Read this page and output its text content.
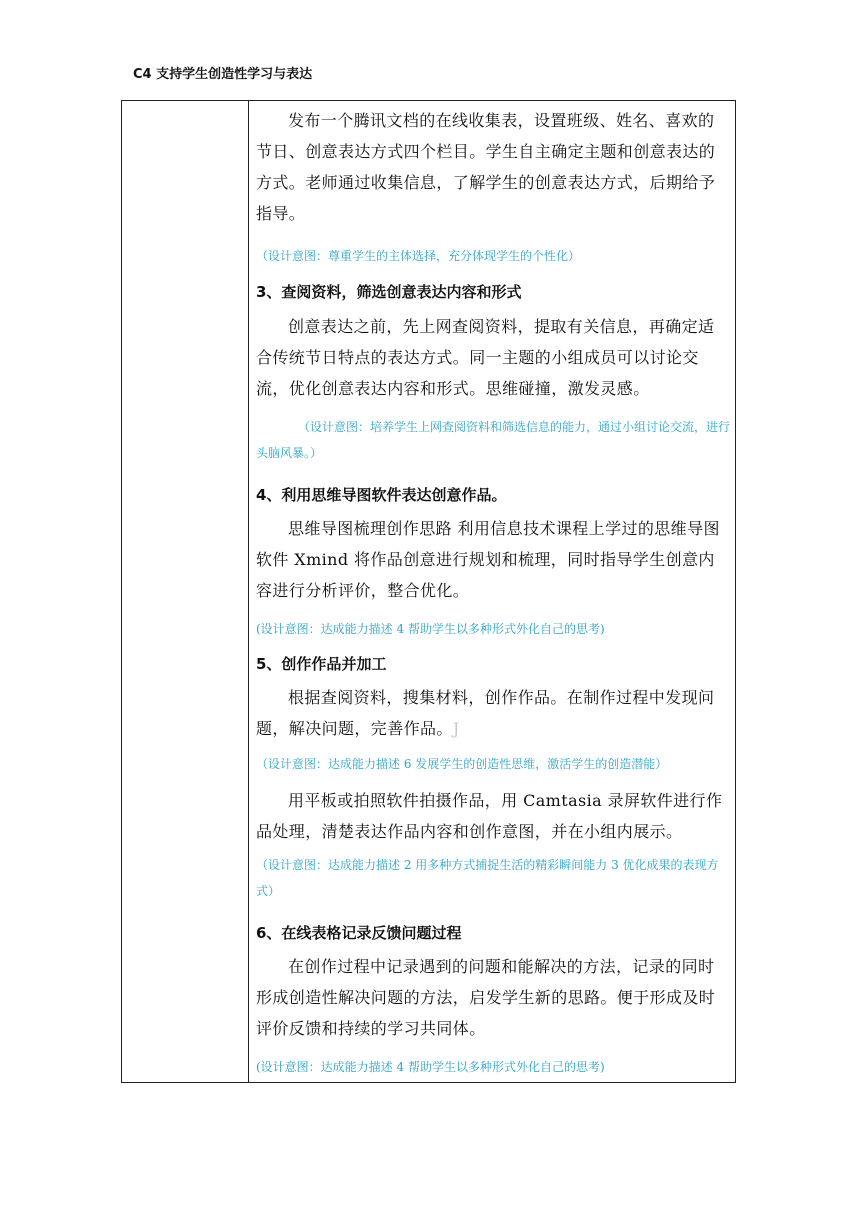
C4 支持学生创造性学习与表达

发布一个腾讯文档的在线收集表，设置班级、姓名、喜欢的节日、创意表达方式四个栏目。学生自主确定主题和创意表达的方式。老师通过收集信息，了解学生的创意表达方式，后期给予指导。

（设计意图：尊重学生的主体选择，充分体现学生的个性化）

3、查阅资料，筛选创意表达内容和形式

创意表达之前，先上网查阅资料，提取有关信息，再确定适合传统节日特点的表达方式。同一主题的小组成员可以讨论交流，优化创意表达内容和形式。思维碰撞，激发灵感。

（设计意图：培养学生上网查阅资料和筛选信息的能力，通过小组讨论交流，进行头脑风暴。）

4、利用思维导图软件表达创意作品。

思维导图梳理创作思路 利用信息技术课程上学过的思维导图软件 Xmind 将作品创意进行规划和梳理，同时指导学生创意内容进行分析评价，整合优化。

(设计意图：达成能力描述 4 帮助学生以多种形式外化自己的思考)

5、创作作品并加工

根据查阅资料，搜集材料，创作作品。在制作过程中发现问题，解决问题，完善作品。J

（设计意图：达成能力描述 6 发展学生的创造性思维，激活学生的创造潜能）

用平板或拍照软件拍摄作品，用 Camtasia 录屏软件进行作品处理，清楚表达作品内容和创作意图，并在小组内展示。

（设计意图：达成能力描述 2 用多种方式捕捉生活的精彩瞬间能力 3 优化成果的表现方式）

6、在线表格记录反馈问题过程

在创作过程中记录遇到的问题和能解决的方法，记录的同时形成创造性解决问题的方法，启发学生新的思路。便于形成及时评价反馈和持续的学习共同体。

(设计意图：达成能力描述 4 帮助学生以多种形式外化自己的思考)
